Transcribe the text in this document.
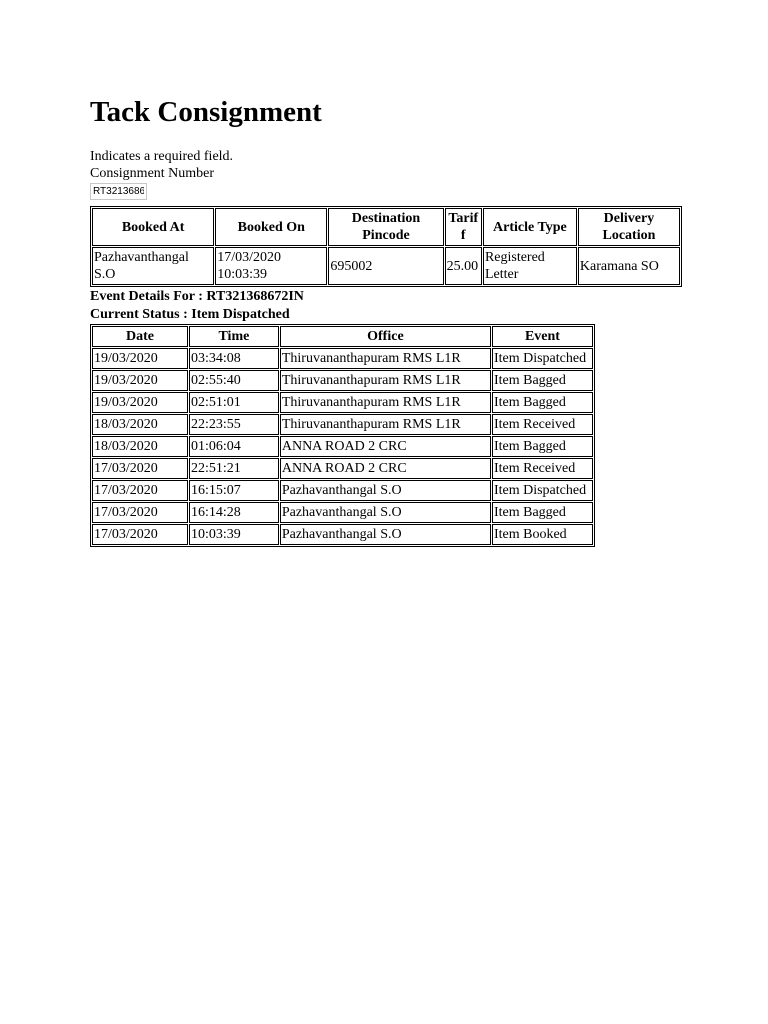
Tack Consignment
Indicates a required field.
Consignment Number
RT3213686
Booked At	Booked On	Destination Pincode	Tarif f	Article Type	Delivery Location
Pazhavanthangal S.O	17/03/2020 10:03:39	695002	25.00	Registered Letter	Karamana SO
Event Details For : RT321368672IN
Current Status : Item Dispatched
Date	Time	Office	Event
19/03/2020	03:34:08	Thiruvananthapuram RMS L1R	Item Dispatched
19/03/2020	02:55:40	Thiruvananthapuram RMS L1R	Item Bagged
19/03/2020	02:51:01	Thiruvananthapuram RMS L1R	Item Bagged
18/03/2020	22:23:55	Thiruvananthapuram RMS L1R	Item Received
18/03/2020	01:06:04	ANNA ROAD 2 CRC	Item Bagged
17/03/2020	22:51:21	ANNA ROAD 2 CRC	Item Received
17/03/2020	16:15:07	Pazhavanthangal S.O	Item Dispatched
17/03/2020	16:14:28	Pazhavanthangal S.O	Item Bagged
17/03/2020	10:03:39	Pazhavanthangal S.O	Item Booked
